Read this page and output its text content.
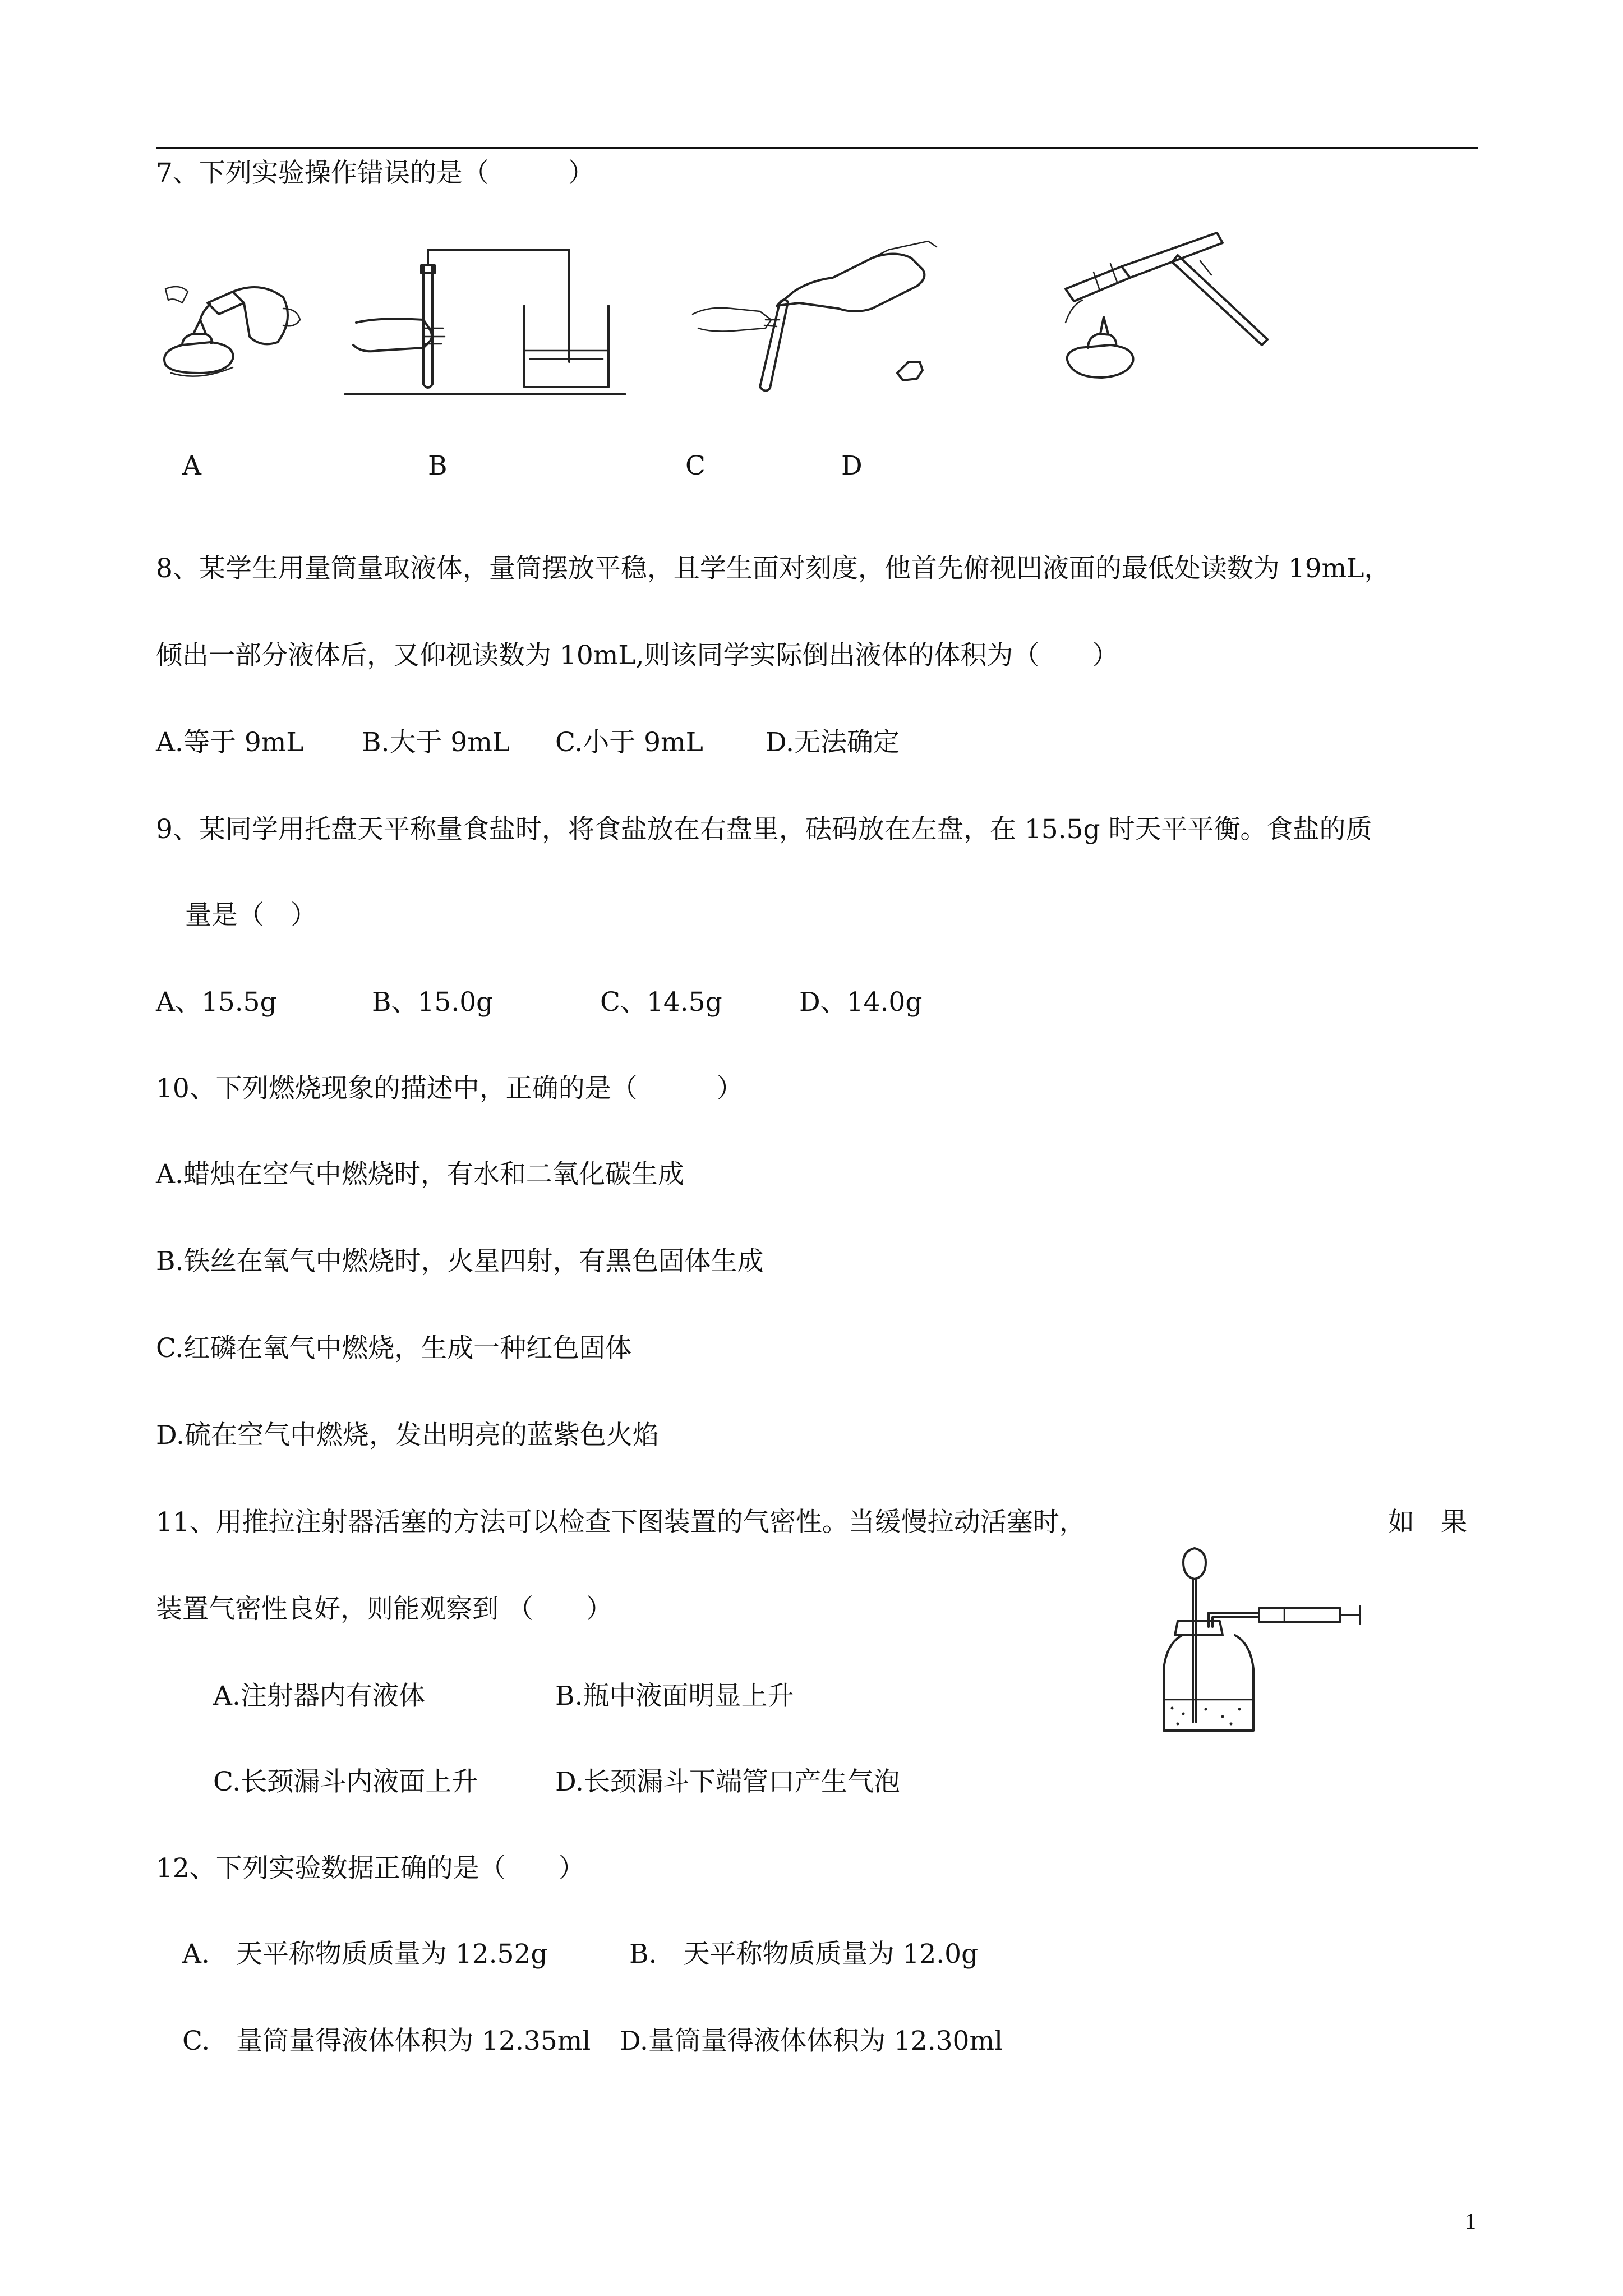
7、下列实验操作错误的是（　　　）
A	B	C	D
8、某学生用量筒量取液体，量筒摆放平稳，且学生面对刻度，他首先俯视凹液面的最低处读数为 19mL，
倾出一部分液体后，又仰视读数为 10mL,则该同学实际倒出液体的体积为（　　）
A.等于 9mL B.大于 9mL C.小于 9mL D.无法确定
9、某同学用托盘天平称量食盐时，将食盐放在右盘里，砝码放在左盘，在 15.5g 时天平平衡。食盐的质
量是（　）
A、15.5g	B、15.0g	C、14.5g	D、14.0g
10、下列燃烧现象的描述中，正确的是（　　　）
A.蜡烛在空气中燃烧时，有水和二氧化碳生成
B.铁丝在氧气中燃烧时，火星四射，有黑色固体生成
C.红磷在氧气中燃烧，生成一种红色固体
D.硫在空气中燃烧，发出明亮的蓝紫色火焰
11、用推拉注射器活塞的方法可以检查下图装置的气密性。当缓慢拉动活塞时，	如　果
装置气密性良好，则能观察到 （　　）
A.注射器内有液体	B.瓶中液面明显上升
C.长颈漏斗内液面上升	D.长颈漏斗下端管口产生气泡
12、下列实验数据正确的是（　　）
A.　天平称物质质量为 12.52g	B.　天平称物质质量为 12.0g
C.　量筒量得液体体积为 12.35ml D.量筒量得液体体积为 12.30ml
1
